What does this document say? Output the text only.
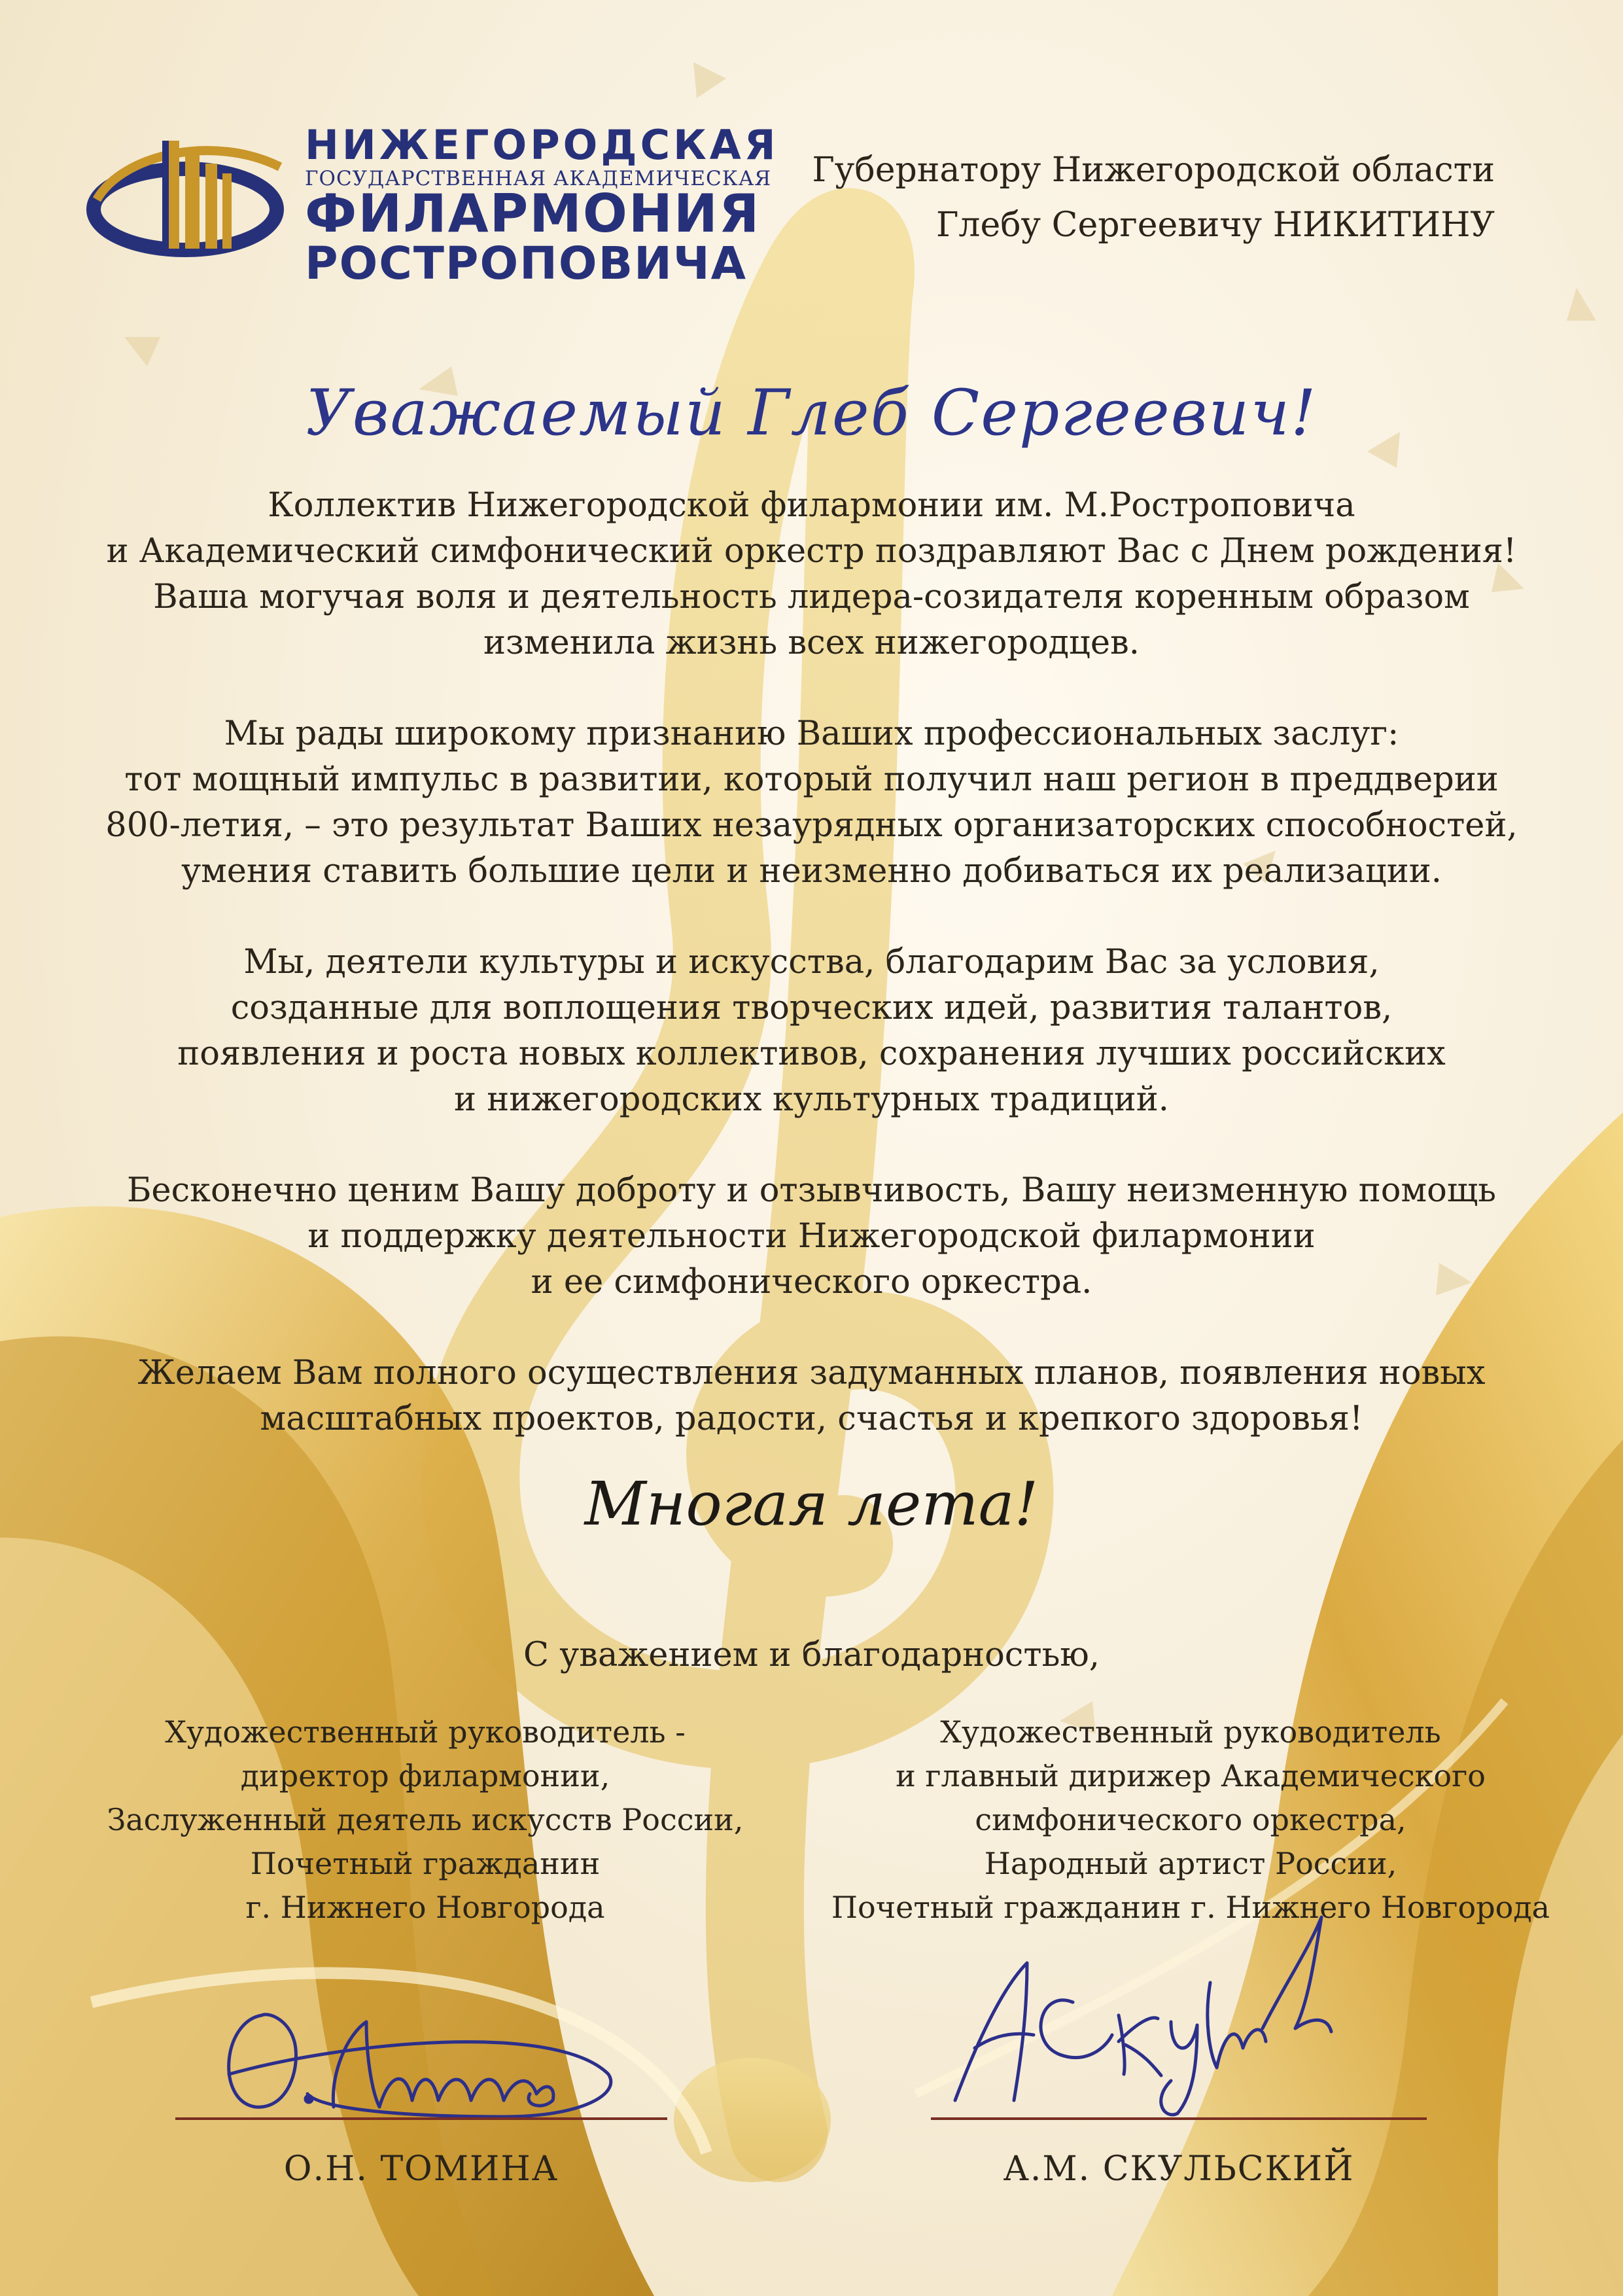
НИЖЕГОРОДСКАЯ
ГОСУДАРСТВЕННАЯ АКАДЕМИЧЕСКАЯ
ФИЛАРМОНИЯ
РОСТРОПОВИЧА
Губернатору Нижегородской области
Глебу Сергеевичу НИКИТИНУ
Уважаемый Глеб Сергеевич!

Коллектив Нижегородской филармонии им. М.Ростроповича
и Академический симфонический оркестр поздравляют Вас с Днем рождения!
Ваша могучая воля и деятельность лидера-созидателя коренным образом
изменила жизнь всех нижегородцев.

Мы рады широкому признанию Ваших профессиональных заслуг:
тот мощный импульс в развитии, который получил наш регион в преддверии
800-летия, – это результат Ваших незаурядных организаторских способностей,
умения ставить большие цели и неизменно добиваться их реализации.

Мы, деятели культуры и искусства, благодарим Вас за условия,
созданные для воплощения творческих идей, развития талантов,
появления и роста новых коллективов, сохранения лучших российских
и нижегородских культурных традиций.

Бесконечно ценим Вашу доброту и отзывчивость, Вашу неизменную помощь
и поддержку деятельности Нижегородской филармонии
и ее симфонического оркестра.

Желаем Вам полного осуществления задуманных планов, появления новых
масштабных проектов, радости, счастья и крепкого здоровья!

Многая лета!
С уважением и благодарностью,
Художественный руководитель -
директор филармонии,
Заслуженный деятель искусств России,
Почетный гражданин
г. Нижнего Новгорода
Художественный руководитель
и главный дирижер Академического
симфонического оркестра,
Народный артист России,
Почетный гражданин г. Нижнего Новгорода
О.Н. ТОМИНА	А.М. СКУЛЬСКИЙ
